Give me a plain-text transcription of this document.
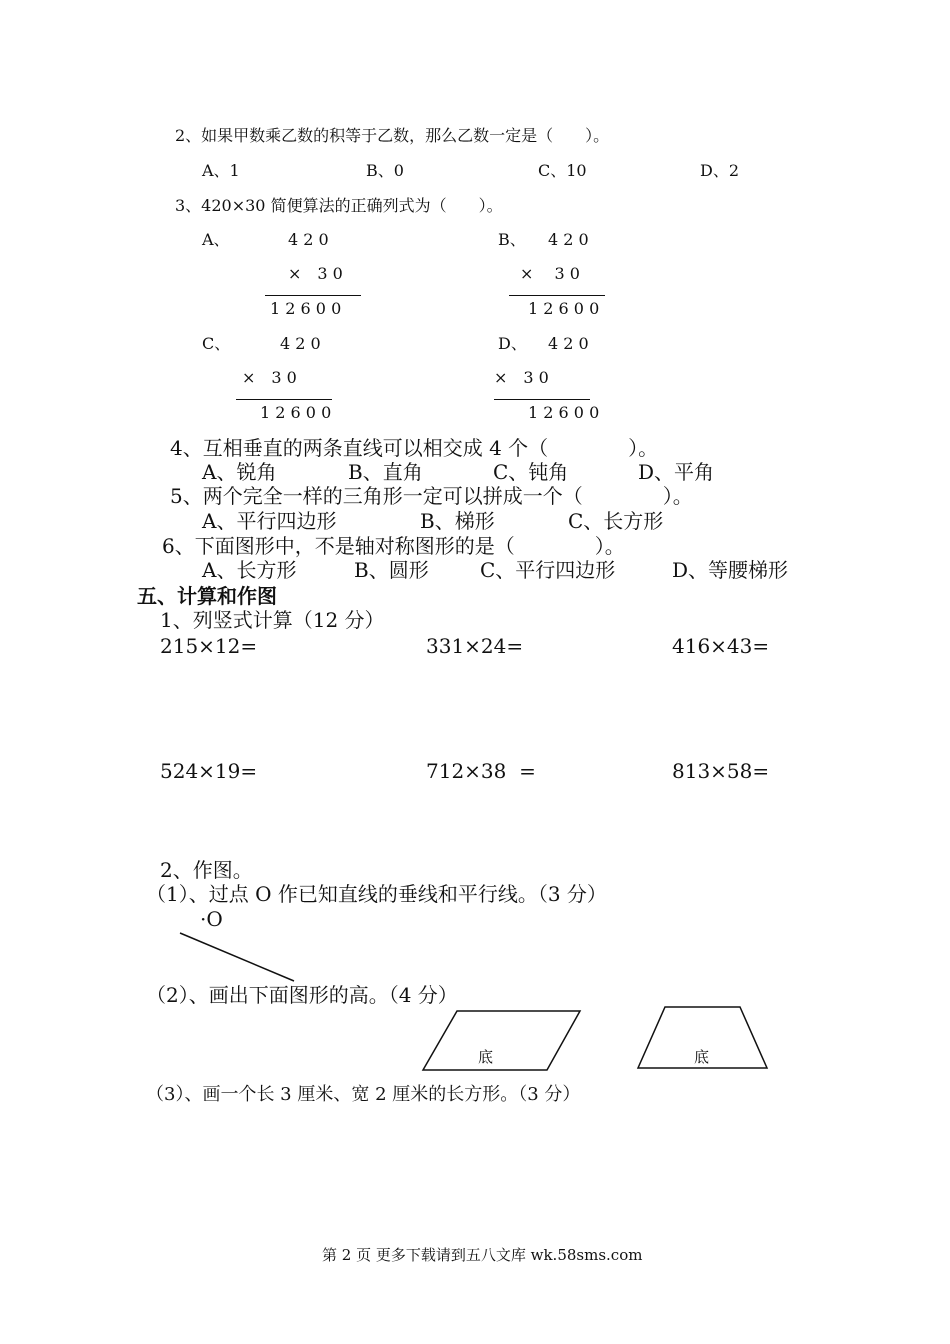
2、如果甲数乘乙数的积等于乙数，那么乙数一定是（　　）。
A、1	B、0	C、10	D、2
3、420×30 简便算法的正确列式为（　　）。
A、	4 2 0
×　3 0
1 2 6 0 0
B、 4 2 0
×　 3 0
1 2 6 0 0
C、	4 2 0
×　3 0
1 2 6 0 0
D、 4 2 0
×　3 0
1 2 6 0 0
4、互相垂直的两条直线可以相交成 4 个（　　　　）。
A、锐角	B、直角	C、钝角	D、平角
5、两个完全一样的三角形一定可以拼成一个（　　　　）。
A、平行四边形	B、梯形	C、长方形
6、下面图形中，不是轴对称图形的是（　　　　）。
A、长方形	B、圆形	C、平行四边形	D、等腰梯形
五、计算和作图
1、列竖式计算（12 分）
215×12=	331×24=	416×43=
524×19=	712×38  =	813×58=
2、作图。
（1）、过点 O 作已知直线的垂线和平行线。（3 分）
·O
（2）、画出下面图形的高。（4 分）
底	底
（3）、画一个长 3 厘米、宽 2 厘米的长方形。（3 分）
第 2 页 更多下载请到五八文库 wk.58sms.com
